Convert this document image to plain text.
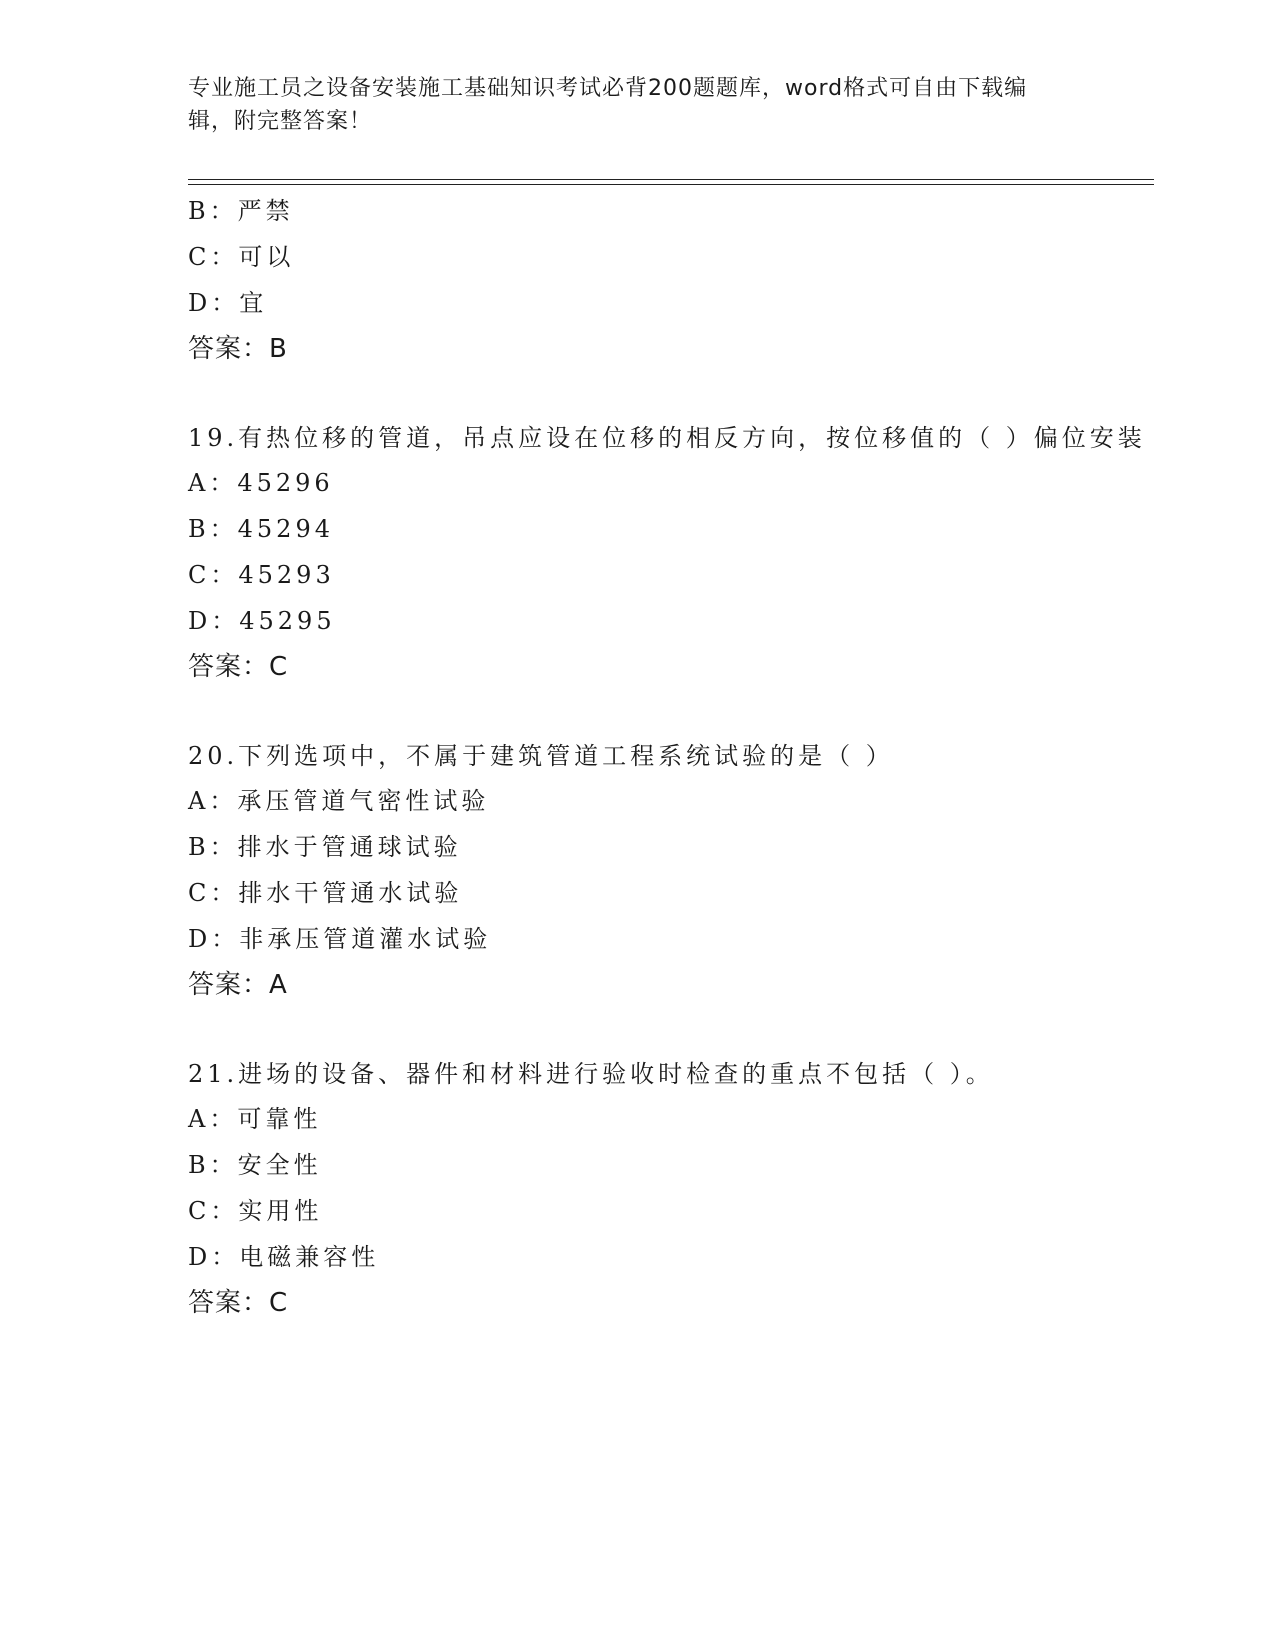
专业施工员之设备安装施工基础知识考试必背200题题库，word格式可自由下载编辑，附完整答案！
B：严禁
C：可以
D：宜
答案：B
19.有热位移的管道，吊点应设在位移的相反方向，按位移值的（ ）偏位安装
A：45296
B：45294
C：45293
D：45295
答案：C
20.下列选项中，不属于建筑管道工程系统试验的是（ ）
A：承压管道气密性试验
B：排水于管通球试验
C：排水干管通水试验
D：非承压管道灌水试验
答案：A
21.进场的设备、器件和材料进行验收时检查的重点不包括（ ）。
A：可靠性
B：安全性
C：实用性
D：电磁兼容性
答案：C
